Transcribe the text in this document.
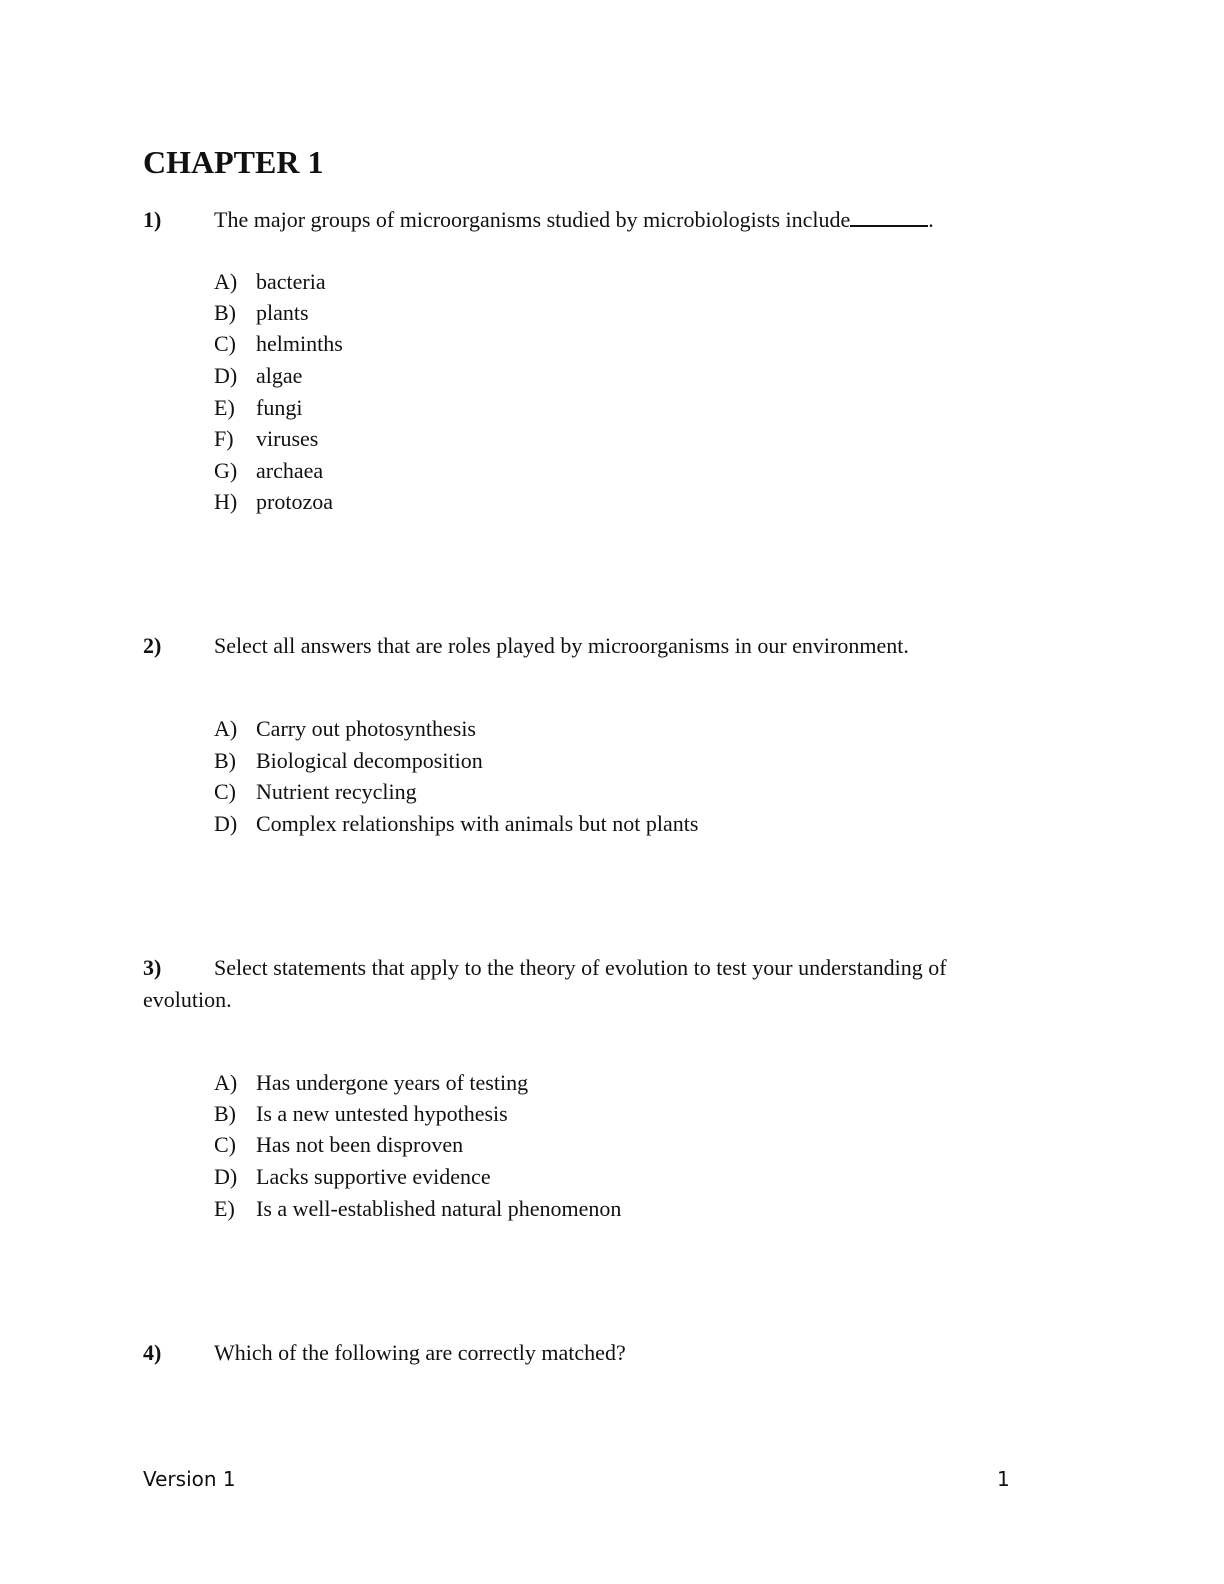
CHAPTER 1
1) The major groups of microorganisms studied by microbiologists include	.
A) bacteria
B) plants
C) helminths
D) algae
E) fungi
F) viruses
G) archaea
H) protozoa
2) Select all answers that are roles played by microorganisms in our environment.
A) Carry out photosynthesis
B) Biological decomposition
C) Nutrient recycling
D) Complex relationships with animals but not plants
3) Select statements that apply to the theory of evolution to test your understanding of
evolution.
A) Has undergone years of testing
B) Is a new untested hypothesis
C) Has not been disproven
D) Lacks supportive evidence
E) Is a well-established natural phenomenon
4) Which of the following are correctly matched?
Version 1	1
